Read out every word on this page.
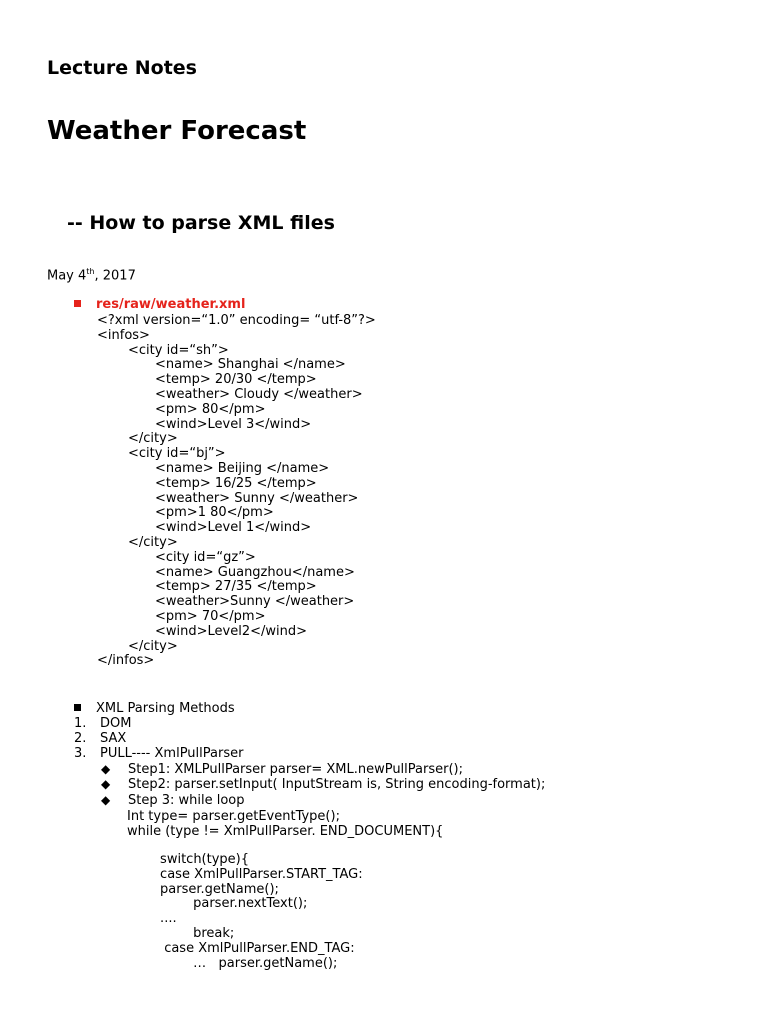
Lecture Notes
Weather Forecast
-- How to parse XML files
May 4th, 2017
res/raw/weather.xml
<?xml version=“1.0” encoding= “utf-8”?>
<infos>
<city id=“sh”>
<name> Shanghai </name>
<temp> 20/30 </temp>
<weather> Cloudy </weather>
<pm> 80</pm>
<wind>Level 3</wind>
</city>
<city id=“bj”>
<name> Beijing </name>
<temp> 16/25 </temp>
<weather> Sunny </weather>
<pm>1 80</pm>
<wind>Level 1</wind>
</city>
<city id=“gz”>
<name> Guangzhou</name>
<temp> 27/35 </temp>
<weather>Sunny </weather>
<pm> 70</pm>
<wind>Level2</wind>
</city>
</infos>
XML Parsing Methods
1. DOM
2. SAX
3. PULL---- XmlPullParser
◆ Step1: XMLPullParser parser= XML.newPullParser();
◆ Step2: parser.setInput( InputStream is, String encoding-format);
◆ Step 3: while loop
Int type= parser.getEventType();
while (type != XmlPullParser. END_DOCUMENT){
switch(type){
case XmlPullParser.START_TAG:
parser.getName();
parser.nextText();
....
break;
case XmlPullParser.END_TAG:
…   parser.getName();
